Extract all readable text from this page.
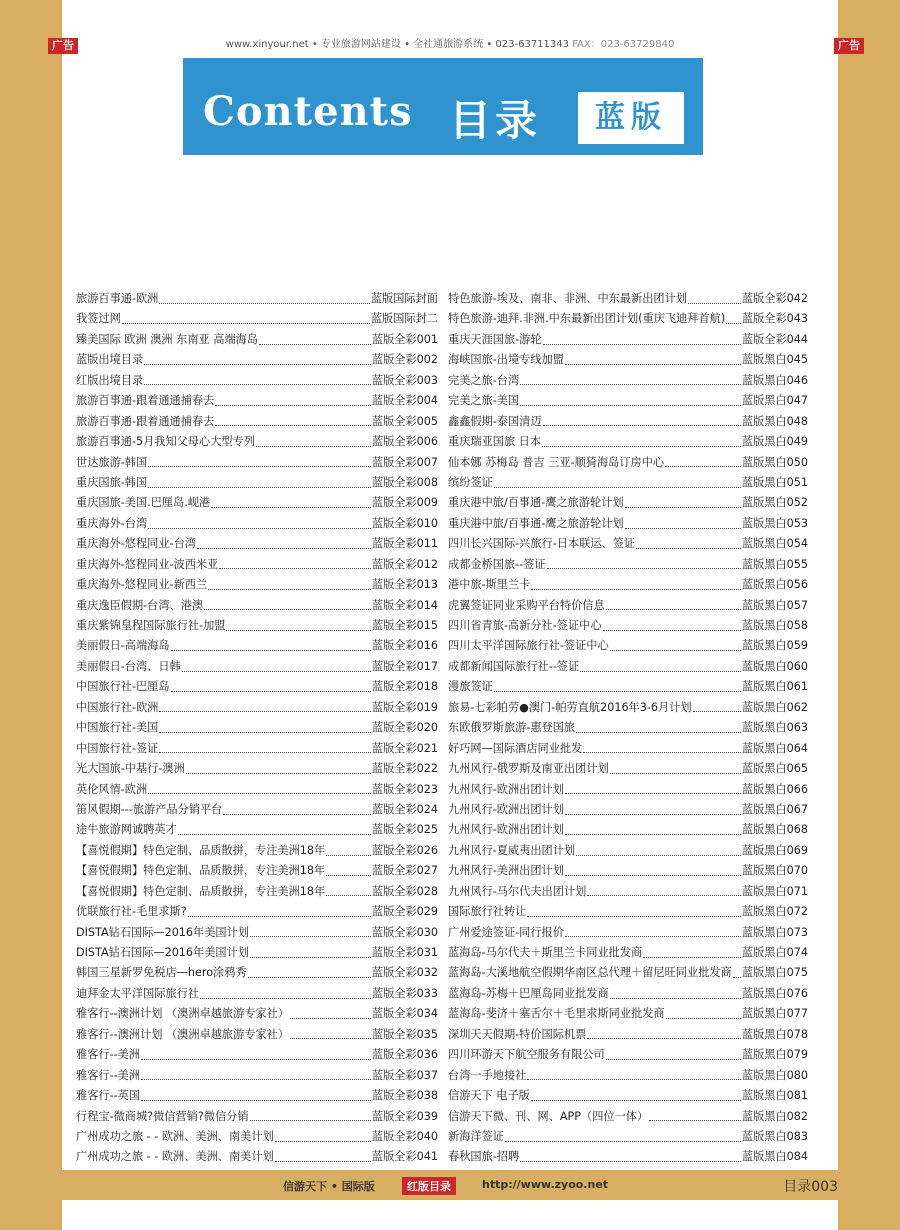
广告	广告
www.xinyour.net • 专业旅游网站建设 • 全社通旅游系统 • 023-63711343 FAX：023-63729840
Contents 目录	蓝版
旅游百事通-欧洲	蓝版国际封面
我签过网	蓝版国际封二
臻美国际 欧洲 澳洲 东南亚 高端海岛	蓝版全彩001
蓝版出境目录	蓝版全彩002
红版出境目录	蓝版全彩003
旅游百事通-跟着通通捕春去	蓝版全彩004
旅游百事通-跟着通通捕春去	蓝版全彩005
旅游百事通-5月我知父母心大型专列	蓝版全彩006
世达旅游-韩国	蓝版全彩007
重庆国旅-韩国	蓝版全彩008
重庆国旅-美国.巴厘岛.岘港	蓝版全彩009
重庆海外-台湾	蓝版全彩010
重庆海外-悠程同业-台湾	蓝版全彩011
重庆海外-悠程同业-波西米亚	蓝版全彩012
重庆海外-悠程同业-新西兰	蓝版全彩013
重庆逸臣假期-台湾、港澳	蓝版全彩014
重庆紫锦皇程国际旅行社-加盟	蓝版全彩015
美丽假日-高端海岛	蓝版全彩016
美丽假日-台湾、日韩	蓝版全彩017
中国旅行社-巴厘岛	蓝版全彩018
中国旅行社-欧洲	蓝版全彩019
中国旅行社-美国	蓝版全彩020
中国旅行社-签证	蓝版全彩021
光大国旅-中基行-澳洲	蓝版全彩022
英伦风情-欧洲	蓝版全彩023
笛风假期---旅游产品分销平台	蓝版全彩024
途牛旅游网诚聘英才	蓝版全彩025
【喜悦假期】特色定制、品质散拼，专注美洲18年	蓝版全彩026
【喜悦假期】特色定制、品质散拼，专注美洲18年	蓝版全彩027
【喜悦假期】特色定制、品质散拼，专注美洲18年	蓝版全彩028
优联旅行社-毛里求斯?	蓝版全彩029
DISTA钻石国际—2016年美国计划	蓝版全彩030
DISTA钻石国际—2016年美国计划	蓝版全彩031
韩国三星新罗免税店—hero涂鸦秀	蓝版全彩032
迪拜金太平洋国际旅行社	蓝版全彩033
雅客行--澳洲计划 （澳洲卓越旅游专家社）	蓝版全彩034
雅客行--澳洲计划 （澳洲卓越旅游专家社）	蓝版全彩035
雅客行--美洲	蓝版全彩036
雅客行--美洲	蓝版全彩037
雅客行--英国	蓝版全彩038
行程宝-微商城?微信营销?微信分销	蓝版全彩039
广州成功之旅 - - 欧洲、美洲、南美计划	蓝版全彩040
广州成功之旅 - - 欧洲、美洲、南美计划	蓝版全彩041
特色旅游-埃及、南非、非洲、中东最新出团计划	蓝版全彩042
特色旅游-迪拜.非洲.中东最新出团计划(重庆飞迪拜首航) 蓝版全彩043
重庆天涯国旅-游轮	蓝版全彩044
海峡国旅-出境专线加盟	蓝版黑白045
完美之旅-台湾	蓝版黑白046
完美之旅-美国	蓝版黑白047
鑫鑫假期-泰国清迈	蓝版黑白048
重庆瑞亚国旅 日本	蓝版黑白049
仙本娜 苏梅岛 普吉 三亚-顺猗海岛订房中心	蓝版黑白050
缤纷签证	蓝版黑白051
重庆港中旅/百事通-鹰之旅游轮计划	蓝版黑白052
重庆港中旅/百事通-鹰之旅游轮计划	蓝版黑白053
四川长兴国际-兴旅行-日本联运、签证	蓝版黑白054
成都金桥国旅--签证	蓝版黑白055
港中旅-斯里兰卡	蓝版黑白056
虎翼签证同业采购平台特价信息	蓝版黑白057
四川省青旅-高新分社-签证中心	蓝版黑白058
四川太平洋国际旅行社-签证中心	蓝版黑白059
成都新闻国际旅行社--签证	蓝版黑白060
漫旅签证	蓝版黑白061
旅易-七彩帕劳●澳门-帕劳直航2016年3-6月计划	蓝版黑白062
东欧俄罗斯旅游-惠登国旅	蓝版黑白063
好巧网—国际酒店同业批发	蓝版黑白064
九州风行-俄罗斯及南亚出团计划	蓝版黑白065
九州风行-欧洲出团计划	蓝版黑白066
九州风行-欧洲出团计划	蓝版黑白067
九州风行-欧洲出团计划	蓝版黑白068
九州风行-夏威夷出团计划	蓝版黑白069
九州风行-美洲出团计划	蓝版黑白070
九州风行-马尔代夫出团计划	蓝版黑白071
国际旅行社转让	蓝版黑白072
广州爱途签证-同行报价	蓝版黑白073
蓝海岛-马尔代夫＋斯里兰卡同业批发商	蓝版黑白074
蓝海岛-大溪地航空假期华南区总代理＋留尼旺同业批发商 蓝版黑白075
蓝海岛-苏梅＋巴厘岛同业批发商	蓝版黑白076
蓝海岛-斐济＋塞舌尔＋毛里求斯同业批发商	蓝版黑白077
深圳天天假期-特价国际机票	蓝版黑白078
四川环游天下航空服务有限公司	蓝版黑白079
台湾一手地接社	蓝版黑白080
信游天下 电子版	蓝版黑白081
信游天下微、刊、网、APP（四位一体）	蓝版黑白082
新海洋签证	蓝版黑白083
春秋国旅-招聘	蓝版黑白084
信游天下 • 国际版	红版目录	http://www.zyoo.net	目录003
